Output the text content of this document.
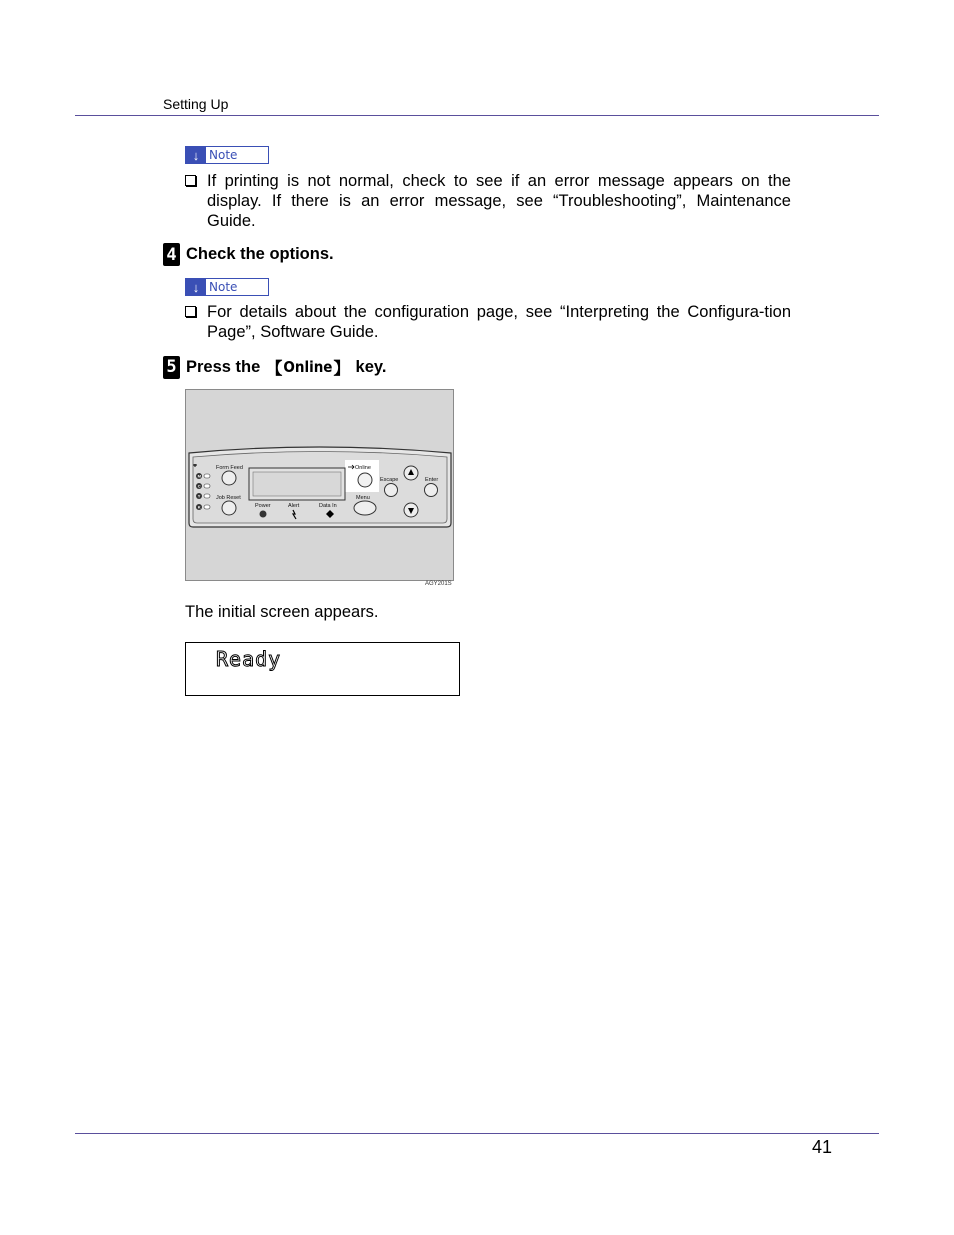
Setting Up
↓ Note
If printing is not normal, check to see if an error message appears on the display. If there is an error message, see “Troubleshooting”, Maintenance Guide.
4 Check the options.
↓ Note
For details about the configuration page, see “Interpreting the Configura-tion Page”, Software Guide.
5 Press the 【 Online 】 key.
Form Feed
Job Reset
Online
Escape	Enter
Menu
Power	Alert	Data In
M
C
Y
K
AGY201S
The initial screen appears.
Ready
41
